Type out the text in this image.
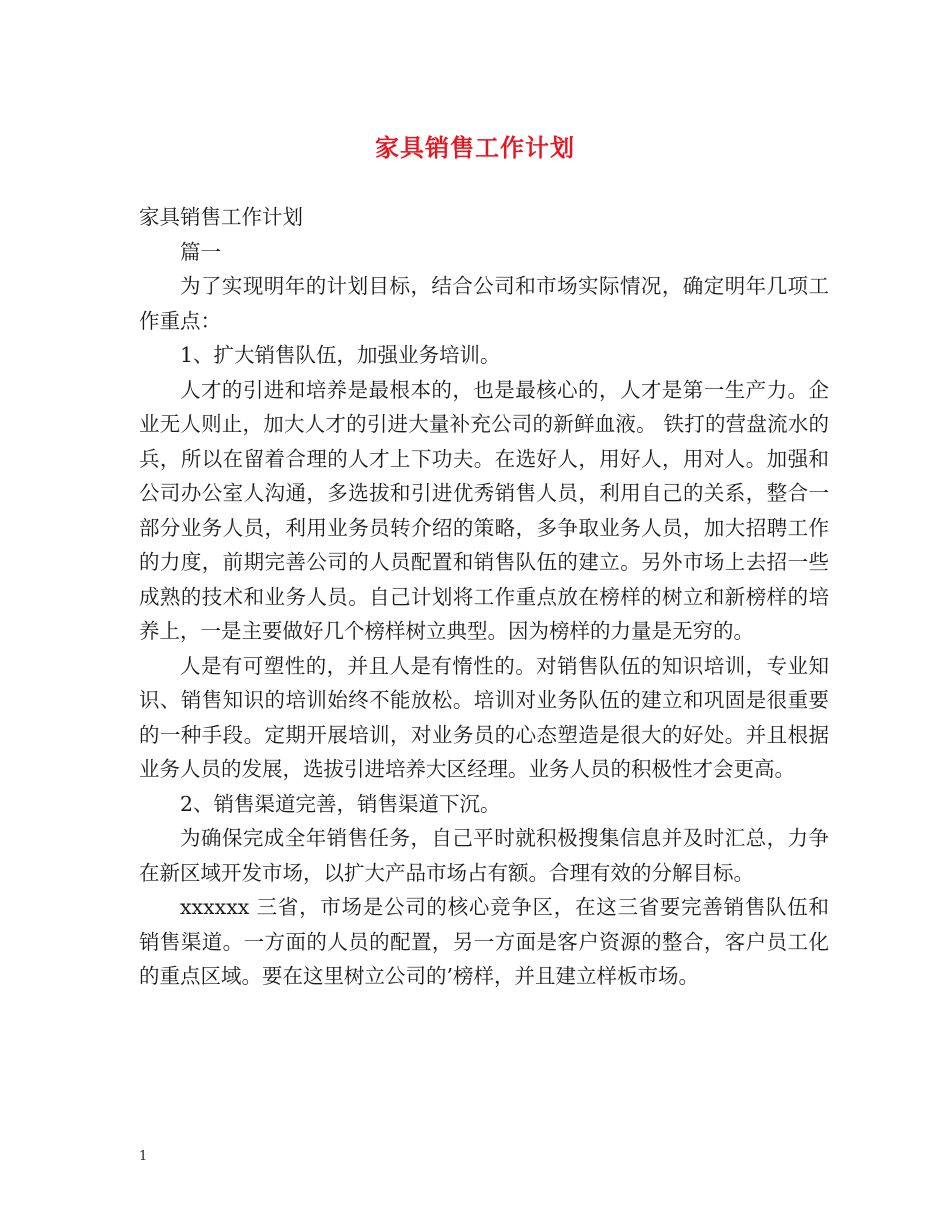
家具销售工作计划

家具销售工作计划

篇一

为了实现明年的计划目标，结合公司和市场实际情况，确定明年几项工作重点：

1、扩大销售队伍，加强业务培训。

人才的引进和培养是最根本的，也是最核心的，人才是第一生产力。企业无人则止，加大人才的引进大量补充公司的新鲜血液。 铁打的营盘流水的兵，所以在留着合理的人才上下功夫。在选好人，用好人，用对人。加强和公司办公室人沟通，多选拔和引进优秀销售人员，利用自己的关系，整合一部分业务人员，利用业务员转介绍的策略，多争取业务人员，加大招聘工作的力度，前期完善公司的人员配置和销售队伍的建立。另外市场上去招一些成熟的技术和业务人员。自己计划将工作重点放在榜样的树立和新榜样的培养上，一是主要做好几个榜样树立典型。因为榜样的力量是无穷的。

人是有可塑性的，并且人是有惰性的。对销售队伍的知识培训，专业知识、销售知识的培训始终不能放松。培训对业务队伍的建立和巩固是很重要的一种手段。定期开展培训，对业务员的心态塑造是很大的好处。并且根据业务人员的发展，选拔引进培养大区经理。业务人员的积极性才会更高。

2、销售渠道完善，销售渠道下沉。

为确保完成全年销售任务，自己平时就积极搜集信息并及时汇总，力争在新区域开发市场，以扩大产品市场占有额。合理有效的分解目标。

xxxxxx 三省，市场是公司的核心竞争区，在这三省要完善销售队伍和销售渠道。一方面的人员的配置，另一方面是客户资源的整合，客户员工化的重点区域。要在这里树立公司的’榜样，并且建立样板市场。

1
